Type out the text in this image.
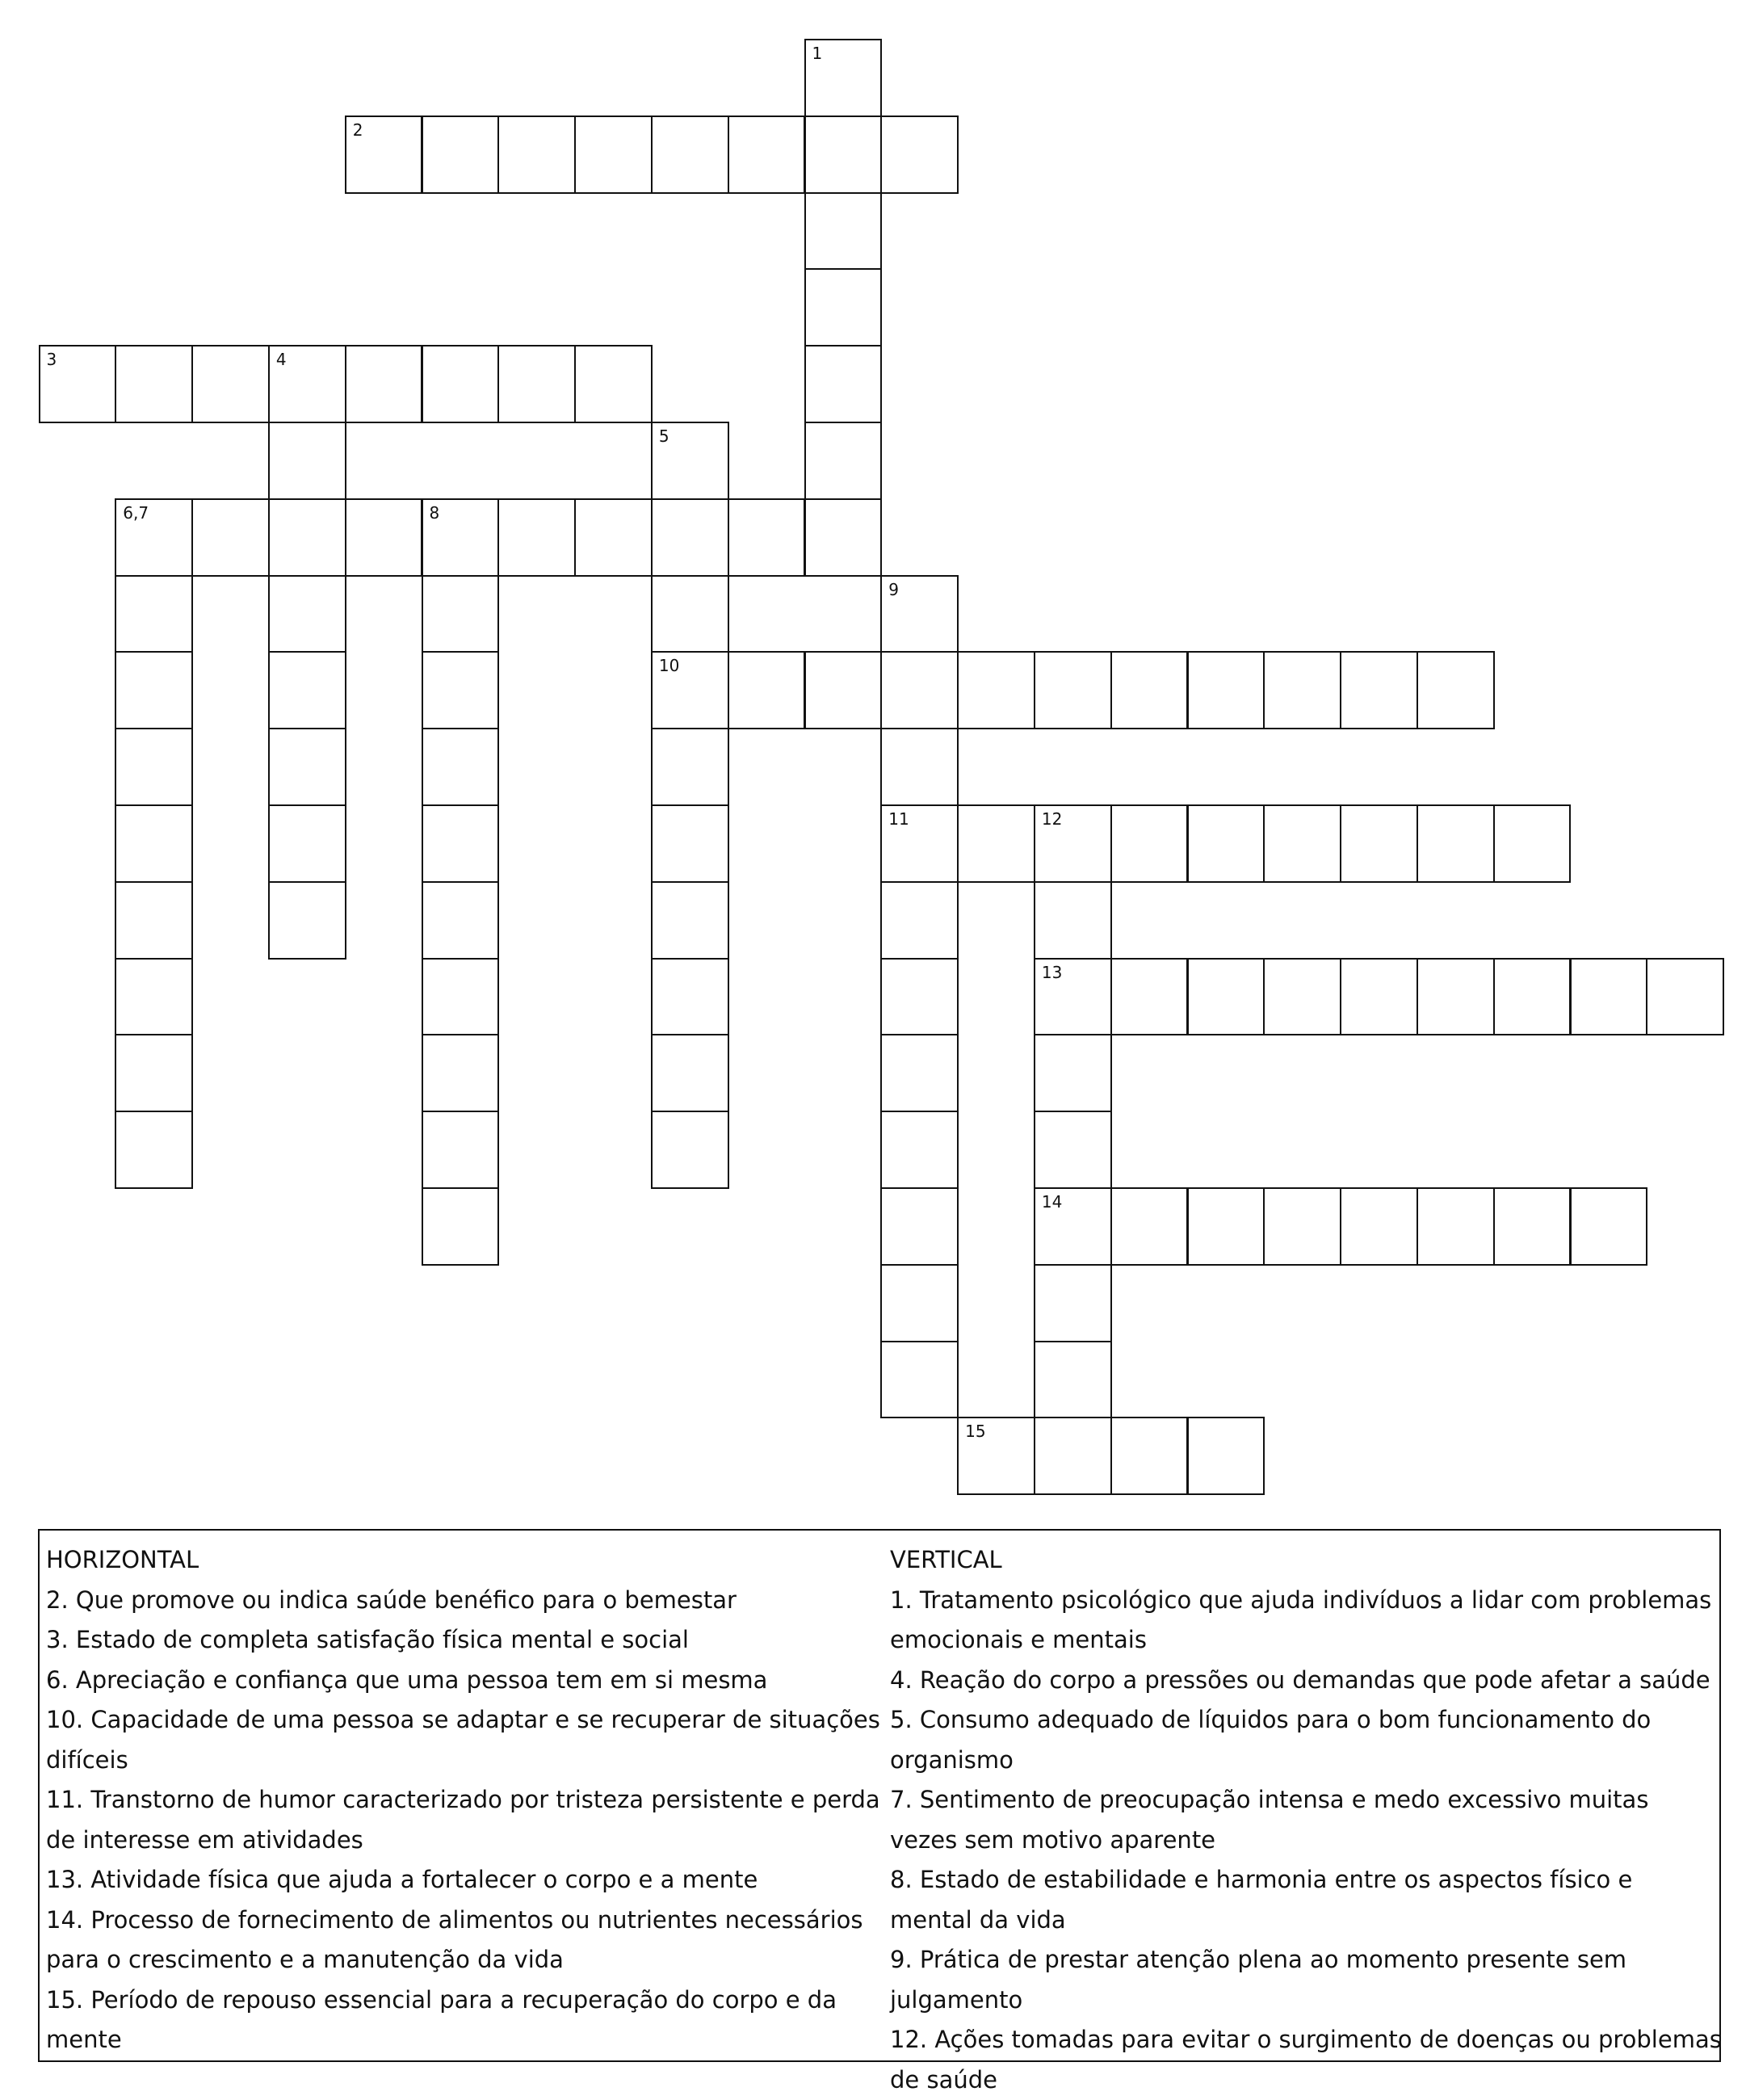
1
2
3	4
5
10
6,7	8
9
11	12
13
14
15

HORIZONTAL

2. Que promove ou indica saúde benéfico para o bemestar

3. Estado de completa satisfação física mental e social

6. Apreciação e confiança que uma pessoa tem em si mesma

10. Capacidade de uma pessoa se adaptar e se recuperar de situações difíceis

11. Transtorno de humor caracterizado por tristeza persistente e perda de interesse em atividades

13. Atividade física que ajuda a fortalecer o corpo e a mente

14. Processo de fornecimento de alimentos ou nutrientes necessários para o crescimento e a manutenção da vida

15. Período de repouso essencial para a recuperação do corpo e da mente

VERTICAL

1. Tratamento psicológico que ajuda indivíduos a lidar com problemas emocionais e mentais

4. Reação do corpo a pressões ou demandas que pode afetar a saúde

5. Consumo adequado de líquidos para o bom funcionamento do organismo

7. Sentimento de preocupação intensa e medo excessivo muitas vezes sem motivo aparente

8. Estado de estabilidade e harmonia entre os aspectos físico e mental da vida

9. Prática de prestar atenção plena ao momento presente sem julgamento

12. Ações tomadas para evitar o surgimento de doenças ou problemas de saúde
